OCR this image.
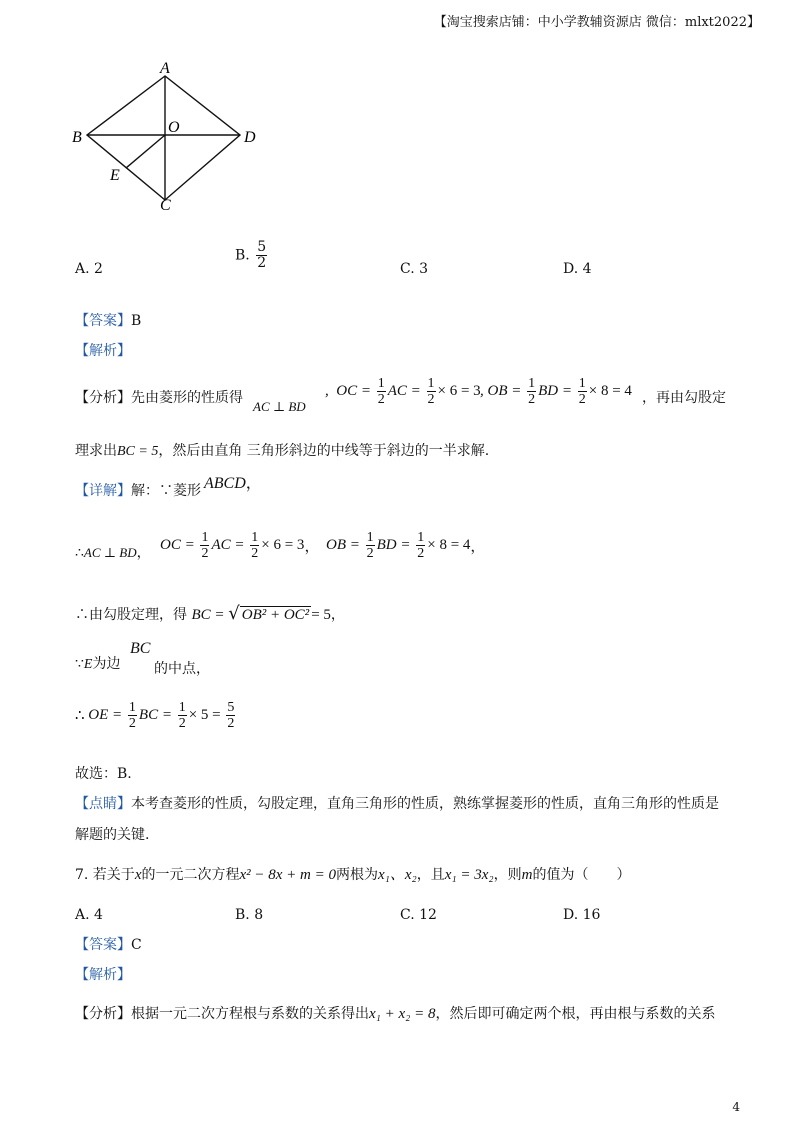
【淘宝搜索店铺：中小学教辅资源店 微信：mlxt2022】
A
B
C
D
O
E
A. 2
B. $\frac{5}{2}$	C. 3	D. 4
【答案】B
【解析】
【分析】先由菱形的性质得
AC ⊥ BD
,  OC = $\frac{1}{2}$ AC = $\frac{1}{2} \times 6 = 3$ , OB = $\frac{1}{2}$ BD = $\frac{1}{2} \times 8 = 4$ ，再由勾股定
理求出BC = 5，然后由直角 三角形斜边的中线等于斜边的一半求解.
【详解】解：∵菱形 ABCD，
∴AC ⊥ BD， OC = $\frac{1}{2}$ AC = $\frac{1}{2} \times 6 = 3$， OB = $\frac{1}{2}$ BD = $\frac{1}{2} \times 8 = 4$，
∴由勾股定理，得 BC = √ OB² + OC² = 5，
∵E为边
BC
的中点，
∴ OE = $\frac{1}{2}$ BC = $\frac{1}{2} \times 5 = \frac{5}{2}$
故选：B.
【点睛】本考查菱形的性质，勾股定理，直角三角形的性质，熟练掌握菱形的性质，直角三角形的性质是
解题的关键.
7. 若关于x的一元二次方程x² − 8x + m = 0两根为x₁、x₂，且x₁ = 3x₂，则m的值为（　　）
A. 4	B. 8	C. 12	D. 16
【答案】C
【解析】
【分析】根据一元二次方程根与系数的关系得出x₁ + x₂ = 8，然后即可确定两个根，再由根与系数的关系
4
